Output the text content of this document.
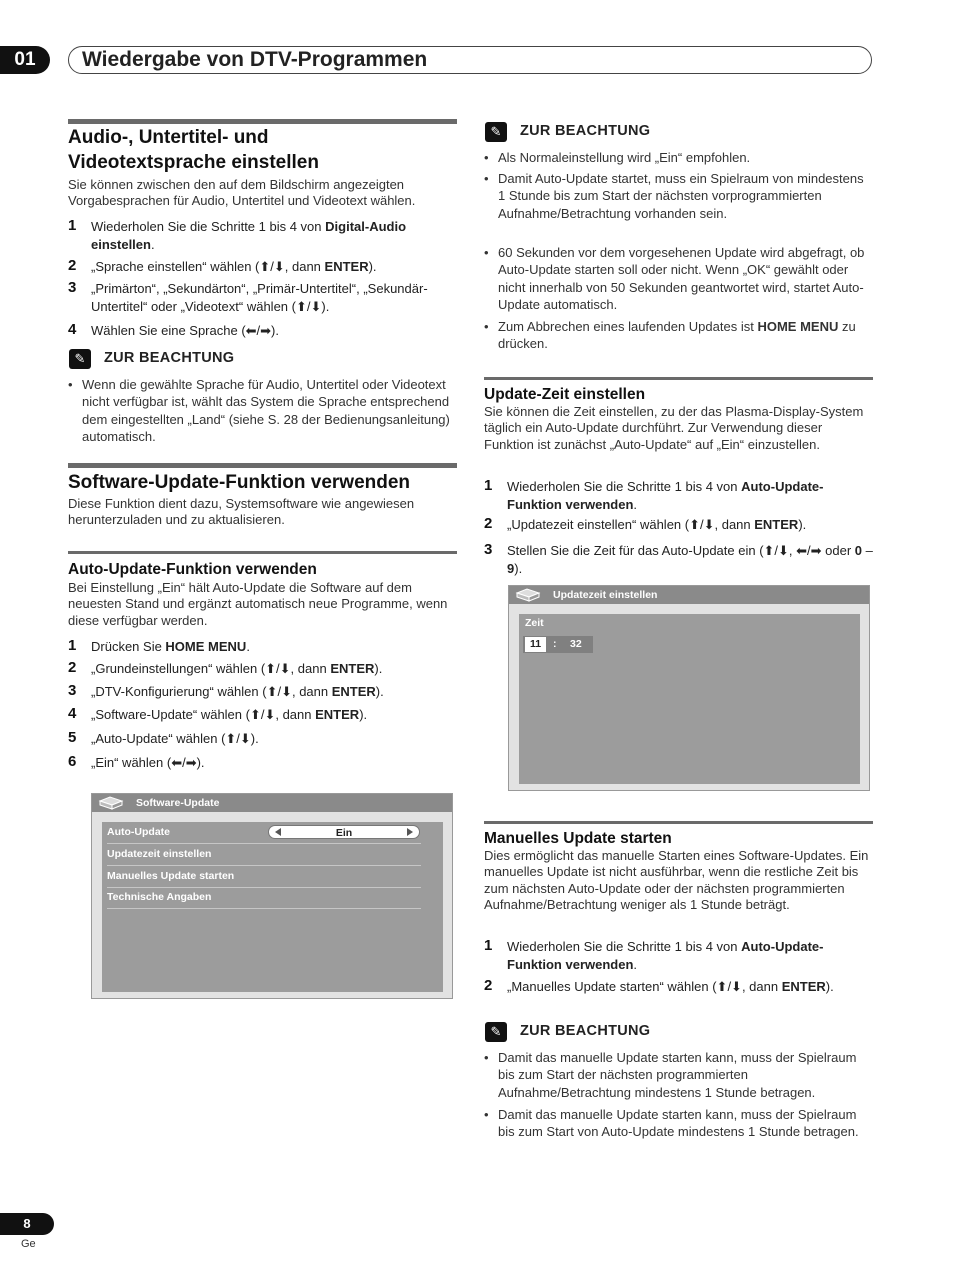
01	Wiedergabe von DTV-Programmen
Audio-, Untertitel- und
Videotextsprache einstellen
Sie können zwischen den auf dem Bildschirm angezeigten Vorgabesprachen für Audio, Untertitel und Videotext wählen.
1 Wiederholen Sie die Schritte 1 bis 4 von Digital-Audio einstellen.
2 „Sprache einstellen“ wählen (⬆/⬇, dann ENTER).
3 „Primärton“, „Sekundärton“, „Primär-Untertitel“, „Sekundär-Untertitel“ oder „Videotext“ wählen (⬆/⬇).
4 Wählen Sie eine Sprache (⬅/➡).
✎	ZUR BEACHTUNG
• Wenn die gewählte Sprache für Audio, Untertitel oder Videotext nicht verfügbar ist, wählt das System die Sprache entsprechend dem eingestellten „Land“ (siehe S. 28 der Bedienungsanleitung) automatisch.
Software-Update-Funktion verwenden
Diese Funktion dient dazu, Systemsoftware wie angewiesen herunterzuladen und zu aktualisieren.
Auto-Update-Funktion verwenden
Bei Einstellung „Ein“ hält Auto-Update die Software auf dem neuesten Stand und ergänzt automatisch neue Programme, wenn diese verfügbar werden.
1 Drücken Sie HOME MENU.
2 „Grundeinstellungen“ wählen (⬆/⬇, dann ENTER).
3 „DTV-Konfigurierung“ wählen (⬆/⬇, dann ENTER).
4 „Software-Update“ wählen (⬆/⬇, dann ENTER).
5 „Auto-Update“ wählen (⬆/⬇).
6 „Ein“ wählen (⬅/➡).
Software-Update
Auto-Update	Ein
Updatezeit einstellen
Manuelles Update starten
Technische Angaben
✎	ZUR BEACHTUNG
• Als Normaleinstellung wird „Ein“ empfohlen.
• Damit Auto-Update startet, muss ein Spielraum von mindestens 1 Stunde bis zum Start der nächsten vorprogrammierten Aufnahme/Betrachtung vorhanden sein.
• 60 Sekunden vor dem vorgesehenen Update wird abgefragt, ob Auto-Update starten soll oder nicht. Wenn „OK“ gewählt oder nicht innerhalb von 50 Sekunden geantwortet wird, startet Auto-Update automatisch.
• Zum Abbrechen eines laufenden Updates ist HOME MENU zu drücken.
Update-Zeit einstellen
Sie können die Zeit einstellen, zu der das Plasma-Display-System täglich ein Auto-Update durchführt. Zur Verwendung dieser Funktion ist zunächst „Auto-Update“ auf „Ein“ einzustellen.
1 Wiederholen Sie die Schritte 1 bis 4 von Auto-Update-Funktion verwenden.
2 „Updatezeit einstellen“ wählen (⬆/⬇, dann ENTER).
3 Stellen Sie die Zeit für das Auto-Update ein (⬆/⬇, ⬅/➡ oder 0 – 9).
Updatezeit einstellen
Zeit
11	: 32
Manuelles Update starten
Dies ermöglicht das manuelle Starten eines Software-Updates. Ein manuelles Update ist nicht ausführbar, wenn die restliche Zeit bis zum nächsten Auto-Update oder der nächsten programmierten Aufnahme/Betrachtung weniger als 1 Stunde beträgt.
1 Wiederholen Sie die Schritte 1 bis 4 von Auto-Update-Funktion verwenden.
2 „Manuelles Update starten“ wählen (⬆/⬇, dann ENTER).
✎	ZUR BEACHTUNG
• Damit das manuelle Update starten kann, muss der Spielraum bis zum Start der nächsten programmierten Aufnahme/Betrachtung mindestens 1 Stunde betragen.
• Damit das manuelle Update starten kann, muss der Spielraum bis zum Start von Auto-Update mindestens 1 Stunde betragen.
8
Ge
